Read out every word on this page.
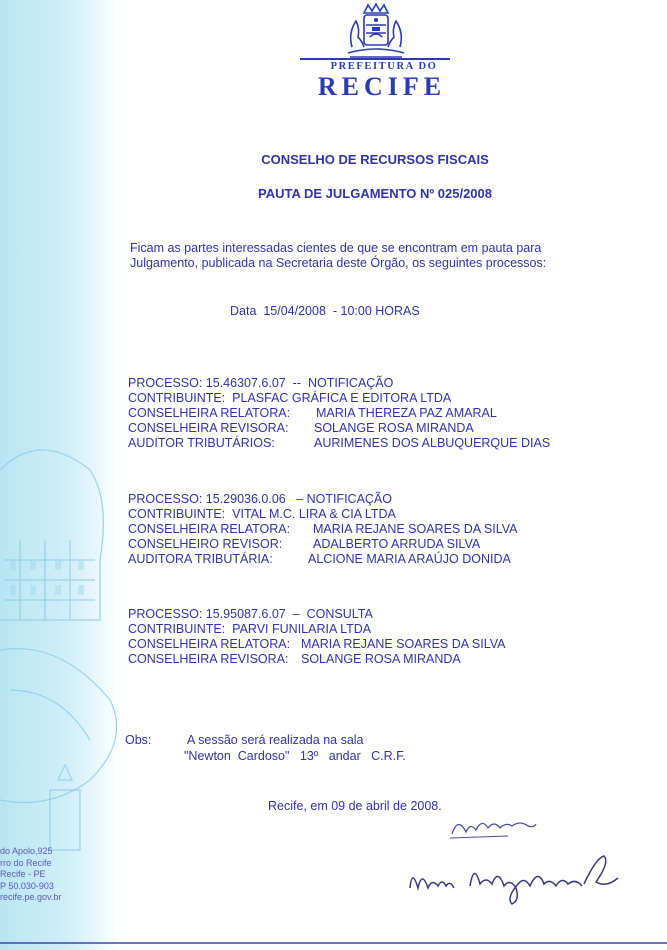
do Apolo,925
rro do Recife
Recife - PE
P 50.030-903
recife.pe.gov.br
PREFEITURA DO
RECIFE
CONSELHO DE RECURSOS FISCAIS
PAUTA DE JULGAMENTO Nº 025/2008
Ficam as partes interessadas cientes de que se encontram em pauta para
Julgamento, publicada na Secretaria deste Órgão, os seguintes processos:
Data  15/04/2008  - 10:00 HORAS
PROCESSO: 15.46307.6.07  --  NOTIFICAÇÃO
CONTRIBUINTE:  PLASFAC GRÁFICA E EDITORA LTDA
CONSELHEIRA RELATORA: MARIA THEREZA PAZ AMARAL
CONSELHEIRA REVISORA: SOLANGE ROSA MIRANDA
AUDITOR TRIBUTÁRIOS:	AURIMENES DOS ALBUQUERQUE DIAS
PROCESSO: 15.29036.0.06   – NOTIFICAÇÃO
CONTRIBUINTE:  VITAL M.C. LIRA & CIA LTDA
CONSELHEIRA RELATORA: MARIA REJANE SOARES DA SILVA
CONSELHEIRO REVISOR: ADALBERTO ARRUDA SILVA
AUDITORA TRIBUTÁRIA:	ALCIONE MARIA ARAÚJO DONIDA
PROCESSO: 15.95087.6.07  –  CONSULTA
CONTRIBUINTE:  PARVI FUNILARIA LTDA
CONSELHEIRA RELATORA: MARIA REJANE SOARES DA SILVA
CONSELHEIRA REVISORA: SOLANGE ROSA MIRANDA
Obs:	A sessão será realizada na sala
"Newton  Cardoso"   13º   andar   C.R.F.
Recife, em 09 de abril de 2008.
